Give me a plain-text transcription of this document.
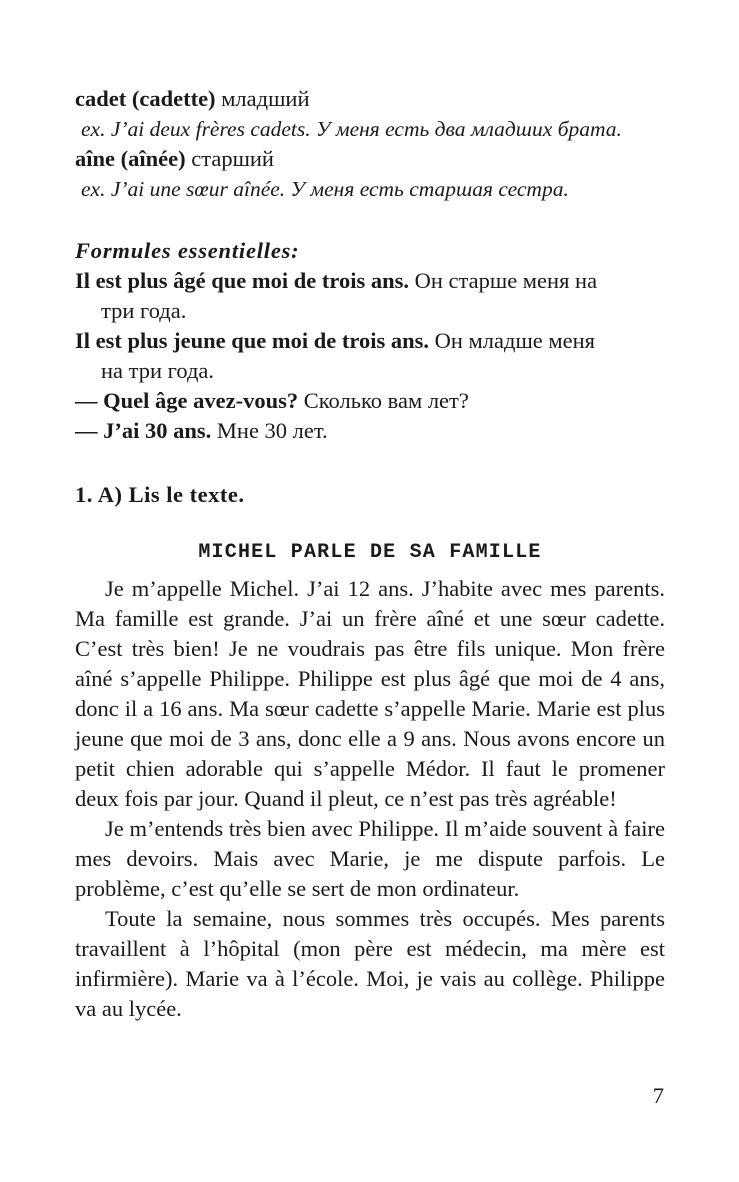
cadet (cadette) младший
ex. J’ai deux frères cadets. У меня есть два младших брата.
aîne (aînée) старший
ex. J’ai une sœur aînée. У меня есть старшая сестра.
Formules essentielles:
Il est plus âgé que moi de trois ans. Он старше меня на
три года.
Il est plus jeune que moi de trois ans. Он младше меня
на три года.
— Quel âge avez-vous? Сколько вам лет?
— J’ai 30 ans. Мне 30 лет.
1. A) Lis le texte.
MICHEL PARLE DE SA FAMILLE

Je m’appelle Michel. J’ai 12 ans. J’habite avec mes parents. Ma famille est grande. J’ai un frère aîné et une sœur cadette. C’est très bien! Je ne voudrais pas être fils unique. Mon frère aîné s’appelle Philippe. Philippe est plus âgé que moi de 4 ans, donc il a 16 ans. Ma sœur cadette s’appelle Marie. Marie est plus jeune que moi de 3 ans, donc elle a 9 ans. Nous avons encore un petit chien adorable qui s’appelle Médor. Il faut le promener deux fois par jour. Quand il pleut, ce n’est pas très agréable!

Je m’entends très bien avec Philippe. Il m’aide souvent à faire mes devoirs. Mais avec Marie, je me dispute parfois. Le problème, c’est qu’elle se sert de mon ordinateur.

Toute la semaine, nous sommes très occupés. Mes parents travaillent à l’hôpital (mon père est médecin, ma mère est infirmière). Marie va à l’école. Moi, je vais au collège. Philippe va au lycée.

7
